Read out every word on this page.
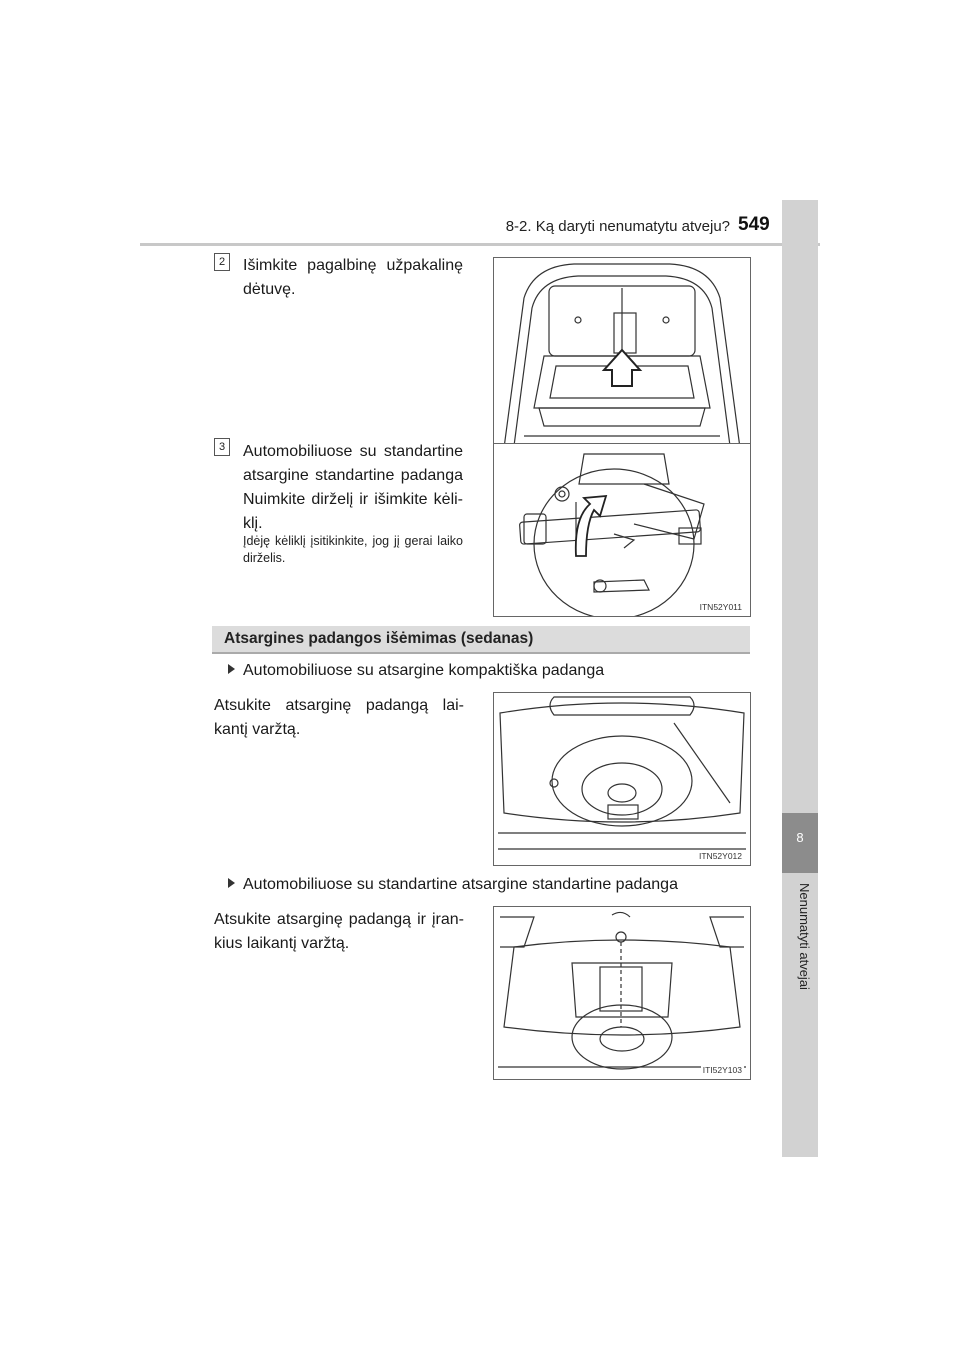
8-2. Ką daryti nenumatytu atveju? 549
8
Nenumatyti atvejai
2	Išimkite pagalbinę užpakalinę dėtuvę.
3	Automobiliuose su standartine atsargine standartine padanga Nuimkite dirželį ir išimkite kėli-klį.
Įdėję kėliklį įsitikinkite, jog jį gerai laiko dirželis.
ITN52Y011
Atsargines padangos išėmimas (sedanas)
Automobiliuose su atsargine kompaktiška padanga
Atsukite atsarginę padangą lai-kantį varžtą.
ITN52Y012
Automobiliuose su standartine atsargine standartine padanga
Atsukite atsarginę padangą ir įran-kius laikantį varžtą.
ITI52Y103
